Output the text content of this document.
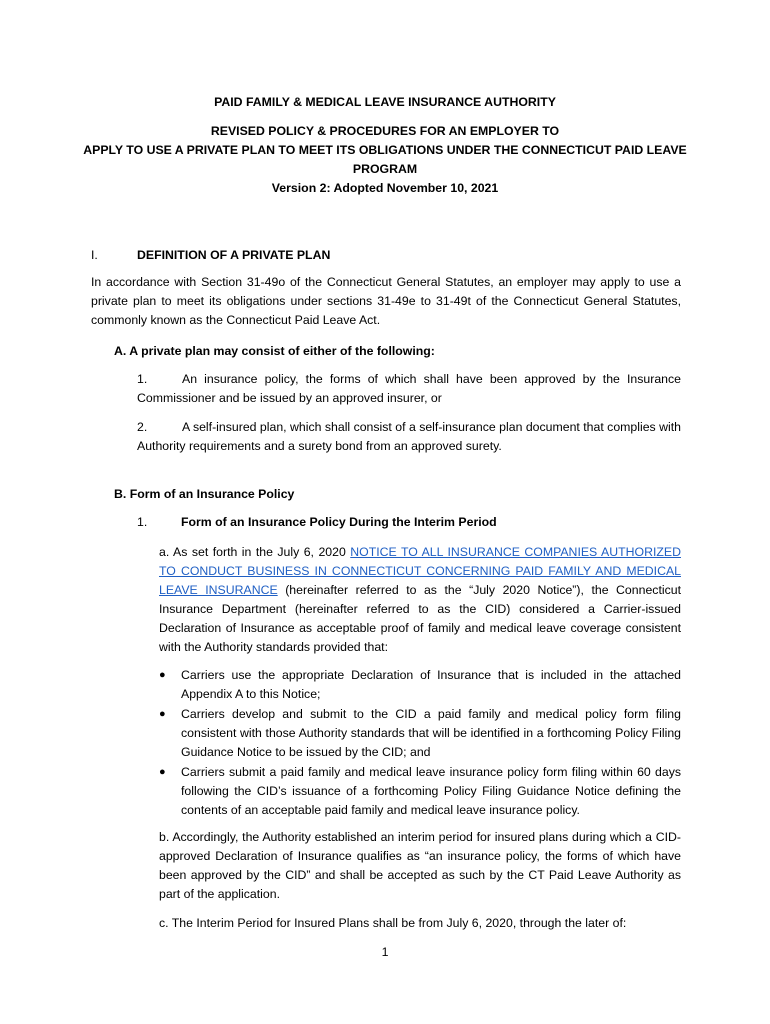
PAID FAMILY & MEDICAL LEAVE INSURANCE AUTHORITY
REVISED POLICY & PROCEDURES FOR AN EMPLOYER TO
APPLY TO USE A PRIVATE PLAN TO MEET ITS OBLIGATIONS UNDER THE CONNECTICUT PAID LEAVE
PROGRAM
Version 2: Adopted November 10, 2021
I.	DEFINITION OF A PRIVATE PLAN
In accordance with Section 31-49o of the Connecticut General Statutes, an employer may apply to use a private plan to meet its obligations under sections 31-49e to 31-49t of the Connecticut General Statutes, commonly known as the Connecticut Paid Leave Act.
A. A private plan may consist of either of the following:
1.	An insurance policy, the forms of which shall have been approved by the Insurance Commissioner and be issued by an approved insurer, or
2.	A self-insured plan, which shall consist of a self-insurance plan document that complies with Authority requirements and a surety bond from an approved surety.
B. Form of an Insurance Policy
1.	Form of an Insurance Policy During the Interim Period
a. As set forth in the July 6, 2020 NOTICE TO ALL INSURANCE COMPANIES AUTHORIZED TO CONDUCT BUSINESS IN CONNECTICUT CONCERNING PAID FAMILY AND MEDICAL LEAVE INSURANCE (hereinafter referred to as the “July 2020 Notice”), the Connecticut Insurance Department (hereinafter referred to as the CID) considered a Carrier-issued Declaration of Insurance as acceptable proof of family and medical leave coverage consistent with the Authority standards provided that:
● Carriers use the appropriate Declaration of Insurance that is included in the attached Appendix A to this Notice;
● Carriers develop and submit to the CID a paid family and medical policy form filing consistent with those Authority standards that will be identified in a forthcoming Policy Filing Guidance Notice to be issued by the CID; and
● Carriers submit a paid family and medical leave insurance policy form filing within 60 days following the CID’s issuance of a forthcoming Policy Filing Guidance Notice defining the contents of an acceptable paid family and medical leave insurance policy.
b. Accordingly, the Authority established an interim period for insured plans during which a CID-approved Declaration of Insurance qualifies as “an insurance policy, the forms of which have been approved by the CID” and shall be accepted as such by the CT Paid Leave Authority as part of the application.
c. The Interim Period for Insured Plans shall be from July 6, 2020, through the later of:
1
